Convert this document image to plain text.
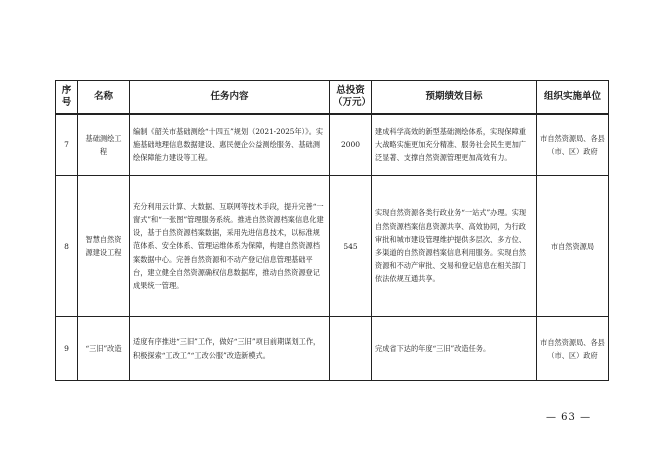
序号	名称	任务内容	总投资（万元）	预期绩效目标	组织实施单位
7	基础测绘工程	编制《韶关市基础测绘“十四五”规划（2021-2025年）》。实施基础地理信息数据建设、惠民便企公益测绘服务、基础测绘保障能力建设等工程。	2000	建成科学高效的新型基础测绘体系，实现保障重大战略实施更加充分精准、服务社会民生更加广泛显著、支撑自然资源管理更加高效有力。	市自然资源局、各县（市、区）政府
8	智慧自然资源建设工程	充分利用云计算、大数据、互联网等技术手段，提升完善“一窗式”和“一张图”管理服务系统。推进自然资源档案信息化建设，基于自然资源档案数据，采用先进信息技术，以标准规范体系、安全体系、管理运维体系为保障，构建自然资源档案数据中心。完善自然资源和不动产登记信息管理基础平台，建立健全自然资源确权信息数据库，推动自然资源登记成果统一管理。	545	实现自然资源各类行政业务“一站式”办理。实现自然资源档案信息资源共享、高效协同，为行政审批和城市建设管理维护提供多层次、多方位、多渠道的自然资源档案信息利用服务。实现自然资源和不动产审批、交易和登记信息在相关部门依法依规互通共享。	市自然资源局
9	“三旧”改造	适度有序推进“三旧”工作，做好“三旧”项目前期谋划工作，积极探索“工改工”“工改公服”改造新模式。		完成省下达的年度“三旧”改造任务。	市自然资源局、各县（市、区）政府
— 63 —
